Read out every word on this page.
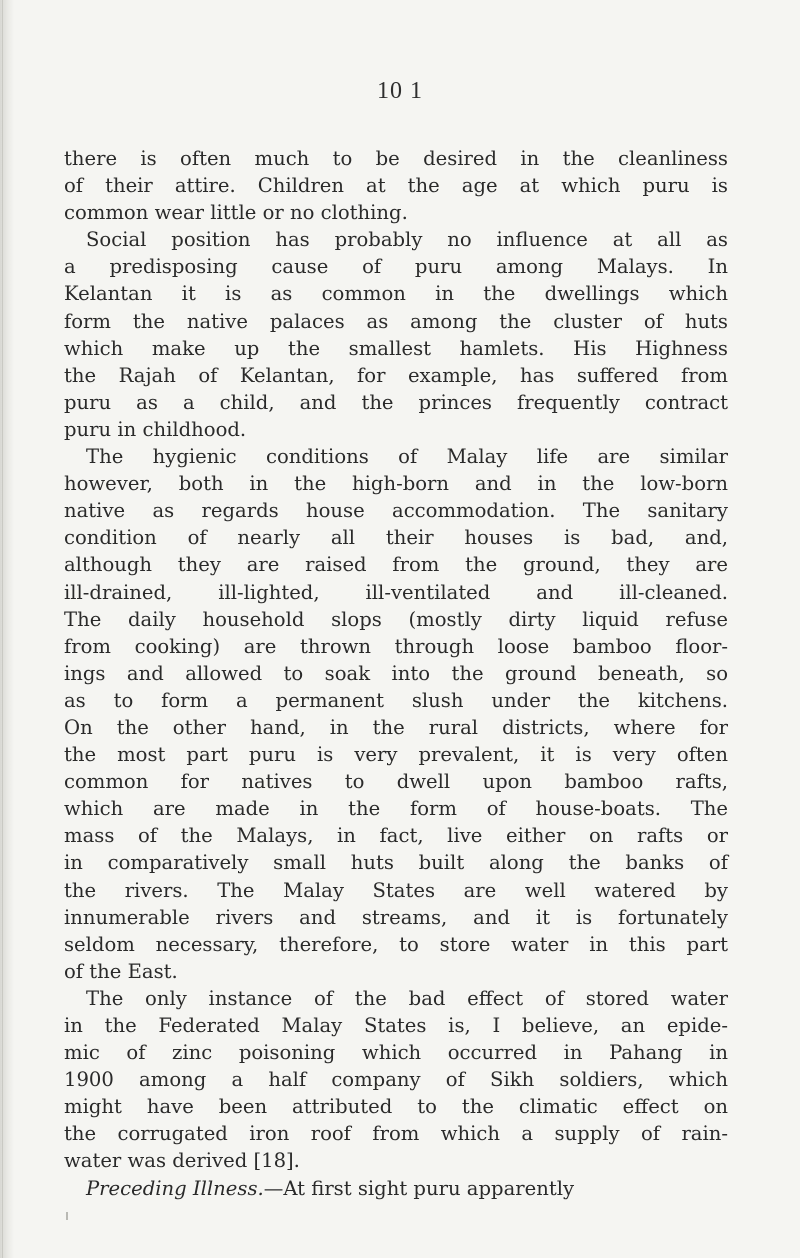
10 1
there is often much to be desired in the cleanliness
of their attire. Children at the age at which puru is
common wear little or no clothing.
Social position has probably no influence at all as
a predisposing cause of puru among Malays. In
Kelantan it is as common in the dwellings which
form the native palaces as among the cluster of huts
which make up the smallest hamlets. His Highness
the Rajah of Kelantan, for example, has suffered from
puru as a child, and the princes frequently contract
puru in childhood.
The hygienic conditions of Malay life are similar
however, both in the high-born and in the low-born
native as regards house accommodation. The sanitary
condition of nearly all their houses is bad, and,
although they are raised from the ground, they are
ill-drained, ill-lighted, ill-ventilated and ill-cleaned.
The daily household slops (mostly dirty liquid refuse
from cooking) are thrown through loose bamboo floor-
ings and allowed to soak into the ground beneath, so
as to form a permanent slush under the kitchens.
On the other hand, in the rural districts, where for
the most part puru is very prevalent, it is very often
common for natives to dwell upon bamboo rafts,
which are made in the form of house-boats. The
mass of the Malays, in fact, live either on rafts or
in comparatively small huts built along the banks of
the rivers. The Malay States are well watered by
innumerable rivers and streams, and it is fortunately
seldom necessary, therefore, to store water in this part
of the East.
The only instance of the bad effect of stored water
in the Federated Malay States is, I believe, an epide-
mic of zinc poisoning which occurred in Pahang in
1900 among a half company of Sikh soldiers, which
might have been attributed to the climatic effect on
the corrugated iron roof from which a supply of rain-
water was derived [18].
Preceding Illness.—At first sight puru apparently
